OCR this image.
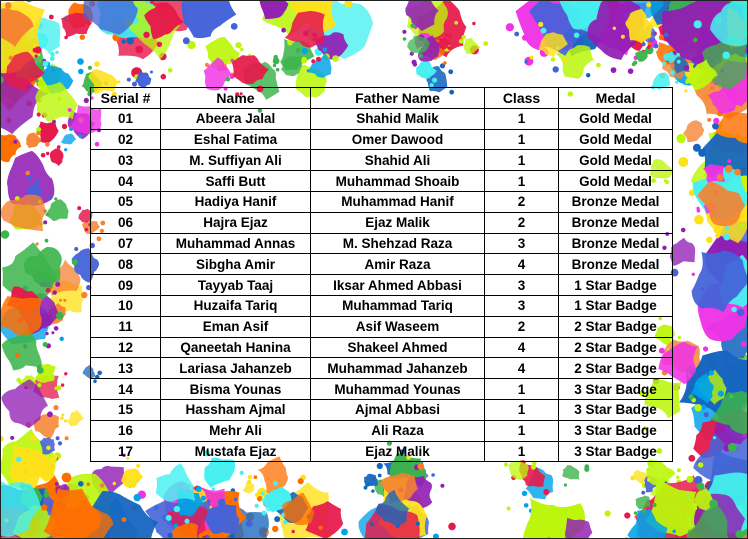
Serial #	Name	Father Name	Class	Medal
01	Abeera Jalal	Shahid Malik	1	Gold Medal
02	Eshal Fatima	Omer Dawood	1	Gold Medal
03	M. Suffiyan Ali	Shahid Ali	1	Gold Medal
04	Saffi Butt	Muhammad Shoaib	1	Gold Medal
05	Hadiya Hanif	Muhammad Hanif	2	Bronze Medal
06	Hajra Ejaz	Ejaz Malik	2	Bronze Medal
07	Muhammad Annas	M. Shehzad Raza	3	Bronze Medal
08	Sibgha Amir	Amir Raza	4	Bronze Medal
09	Tayyab Taaj	Iksar Ahmed Abbasi	3	1 Star Badge
10	Huzaifa Tariq	Muhammad Tariq	3	1 Star Badge
11	Eman Asif	Asif Waseem	2	2 Star Badge
12	Qaneetah Hanina	Shakeel Ahmed	4	2 Star Badge
13	Lariasa Jahanzeb	Muhammad Jahanzeb	4	2 Star Badge
14	Bisma Younas	Muhammad Younas	1	3 Star Badge
15	Hassham Ajmal	Ajmal Abbasi	1	3 Star Badge
16	Mehr Ali	Ali Raza	1	3 Star Badge
17	Mustafa Ejaz	Ejaz Malik	1	3 Star Badge
